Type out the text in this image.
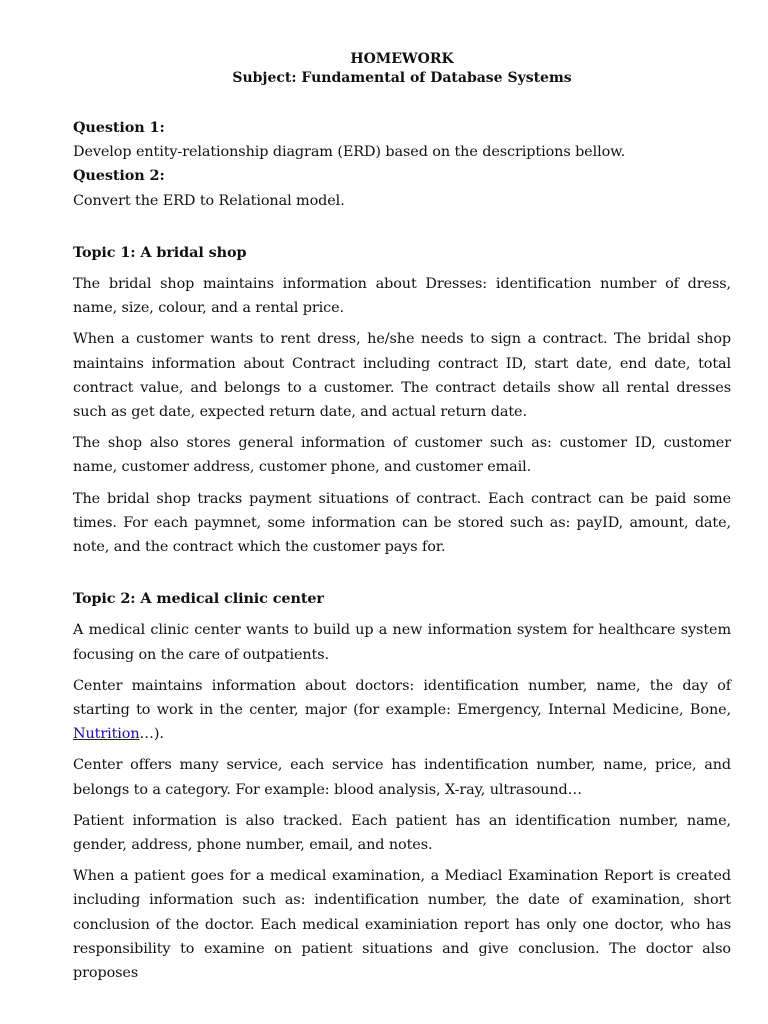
HOMEWORK
Subject: Fundamental of Database Systems

Question 1:

Develop entity-relationship diagram (ERD) based on the descriptions bellow.

Question 2:

Convert the ERD to Relational model.

Topic 1: A bridal shop

The bridal shop maintains information about Dresses: identification number of dress, name, size, colour, and a rental price.

When a customer wants to rent dress, he/she needs to sign a contract. The bridal shop maintains information about Contract including contract ID, start date, end date, total contract value, and belongs to a customer. The contract details show all rental dresses such as get date, expected return date, and actual return date.

The shop also stores general information of customer such as: customer ID, customer name, customer address, customer phone, and customer email.

The bridal shop tracks payment situations of contract. Each contract can be paid some times. For each paymnet, some information can be stored such as: payID, amount, date, note, and the contract which the customer pays for.

Topic 2: A medical clinic center

A medical clinic center wants to build up a new information system for healthcare system focusing on the care of outpatients.

Center maintains information about doctors: identification number, name, the day of starting to work in the center, major (for example: Emergency, Internal Medicine, Bone, Nutrition…).

Center offers many service, each service has indentification number, name, price, and belongs to a category. For example: blood analysis, X-ray, ultrasound…

Patient information is also tracked. Each patient has an identification number, name, gender, address, phone number, email, and notes.

When a patient goes for a medical examination, a Mediacl Examination Report is created including information such as: indentification number, the date of examination, short conclusion of the doctor. Each medical examiniation report has only one doctor, who has responsibility to examine on patient situations and give conclusion. The doctor also proposes
